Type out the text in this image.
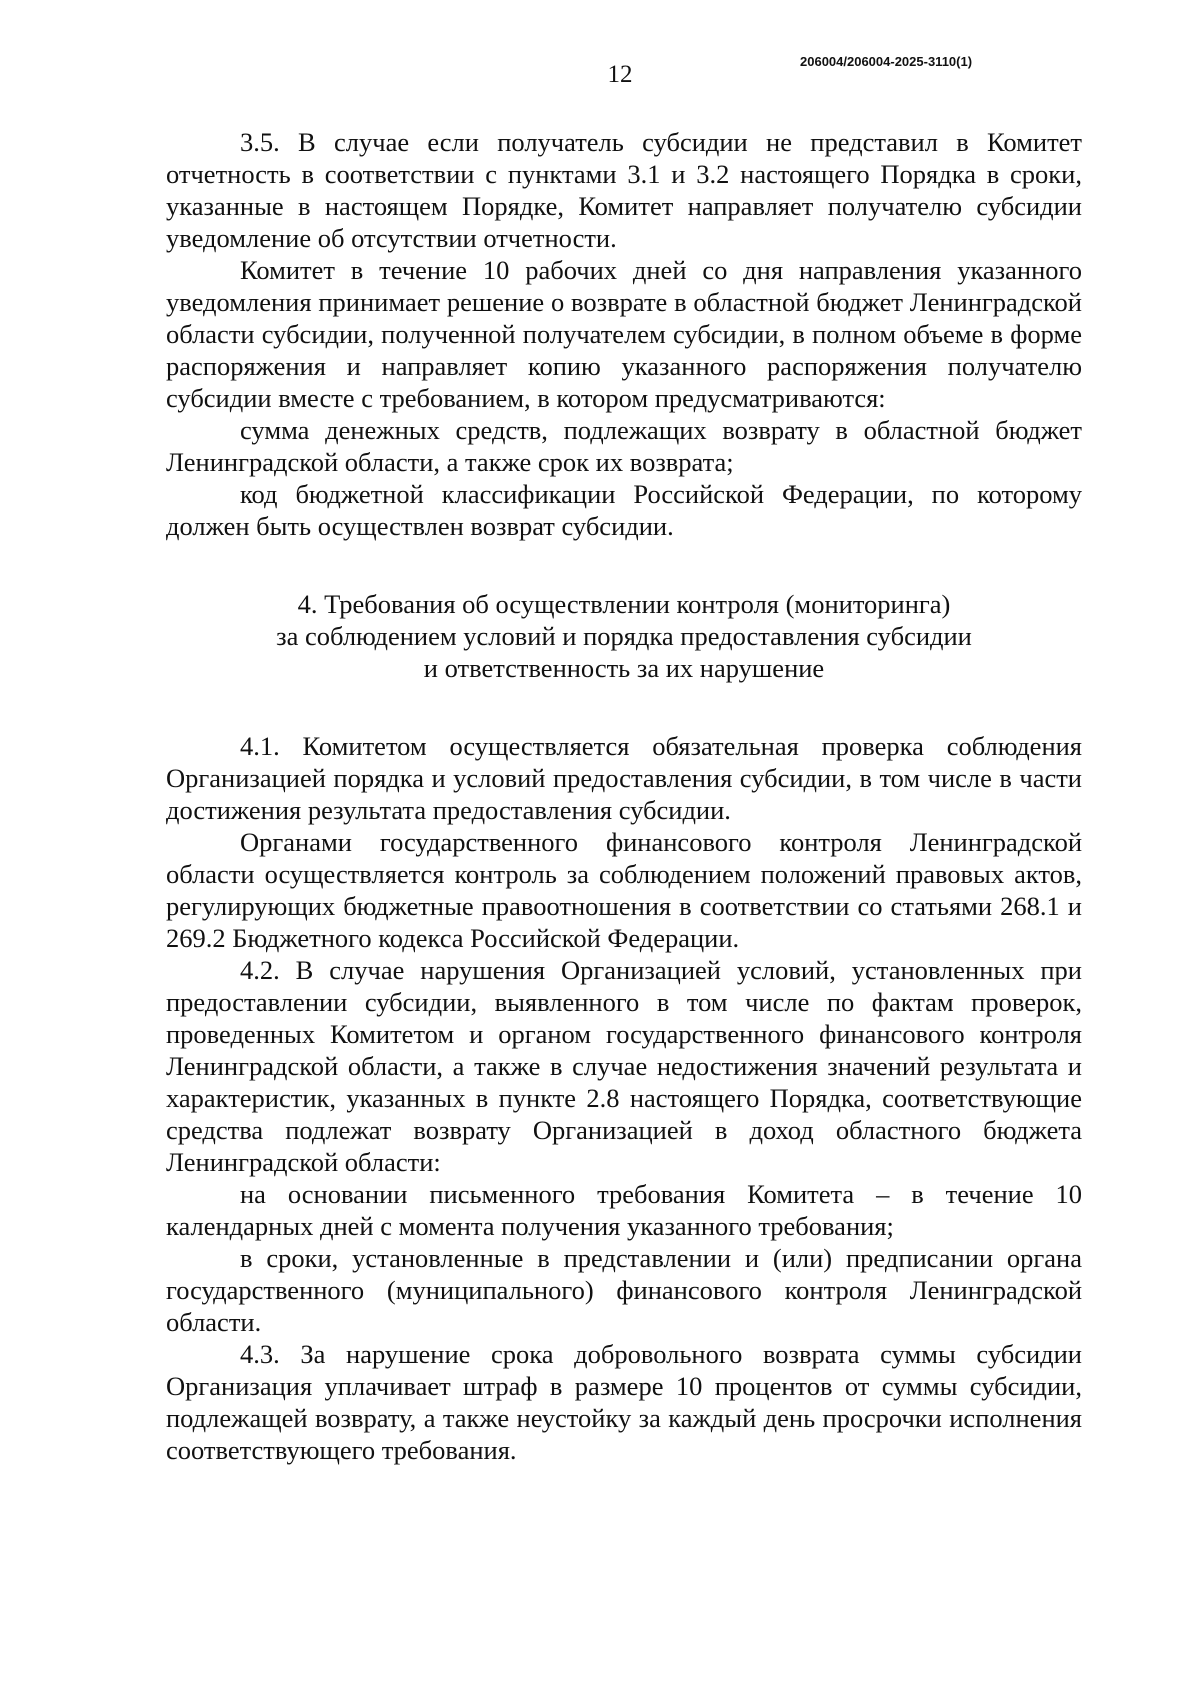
12	206004/206004-2025-3110(1)

3.5. В случае если получатель субсидии не представил в Комитет отчетность в соответствии с пунктами 3.1 и 3.2 настоящего Порядка в сроки, указанные в настоящем Порядке, Комитет направляет получателю субсидии уведомление об отсутствии отчетности.

Комитет в течение 10 рабочих дней со дня направления указанного уведомления принимает решение о возврате в областной бюджет Ленинградской области субсидии, полученной получателем субсидии, в полном объеме в форме распоряжения и направляет копию указанного распоряжения получателю субсидии вместе с требованием, в котором предусматриваются:

сумма денежных средств, подлежащих возврату в областной бюджет Ленинградской области, а также срок их возврата;

код бюджетной классификации Российской Федерации, по которому должен быть осуществлен возврат субсидии.

4. Требования об осуществлении контроля (мониторинга)
за соблюдением условий и порядка предоставления субсидии
и ответственность за их нарушение

4.1. Комитетом осуществляется обязательная проверка соблюдения Организацией порядка и условий предоставления субсидии, в том числе в части достижения результата предоставления субсидии.

Органами государственного финансового контроля Ленинградской области осуществляется контроль за соблюдением положений правовых актов, регулирующих бюджетные правоотношения в соответствии со статьями 268.1 и 269.2 Бюджетного кодекса Российской Федерации.

4.2. В случае нарушения Организацией условий, установленных при предоставлении субсидии, выявленного в том числе по фактам проверок, проведенных Комитетом и органом государственного финансового контроля Ленинградской области, а также в случае недостижения значений результата и характеристик, указанных в пункте 2.8 настоящего Порядка, соответствующие средства подлежат возврату Организацией в доход областного бюджета Ленинградской области:

на основании письменного требования Комитета – в течение 10 календарных дней с момента получения указанного требования;

в сроки, установленные в представлении и (или) предписании органа государственного (муниципального) финансового контроля Ленинградской области.

4.3. За нарушение срока добровольного возврата суммы субсидии Организация уплачивает штраф в размере 10 процентов от суммы субсидии, подлежащей возврату, а также неустойку за каждый день просрочки исполнения соответствующего требования.
